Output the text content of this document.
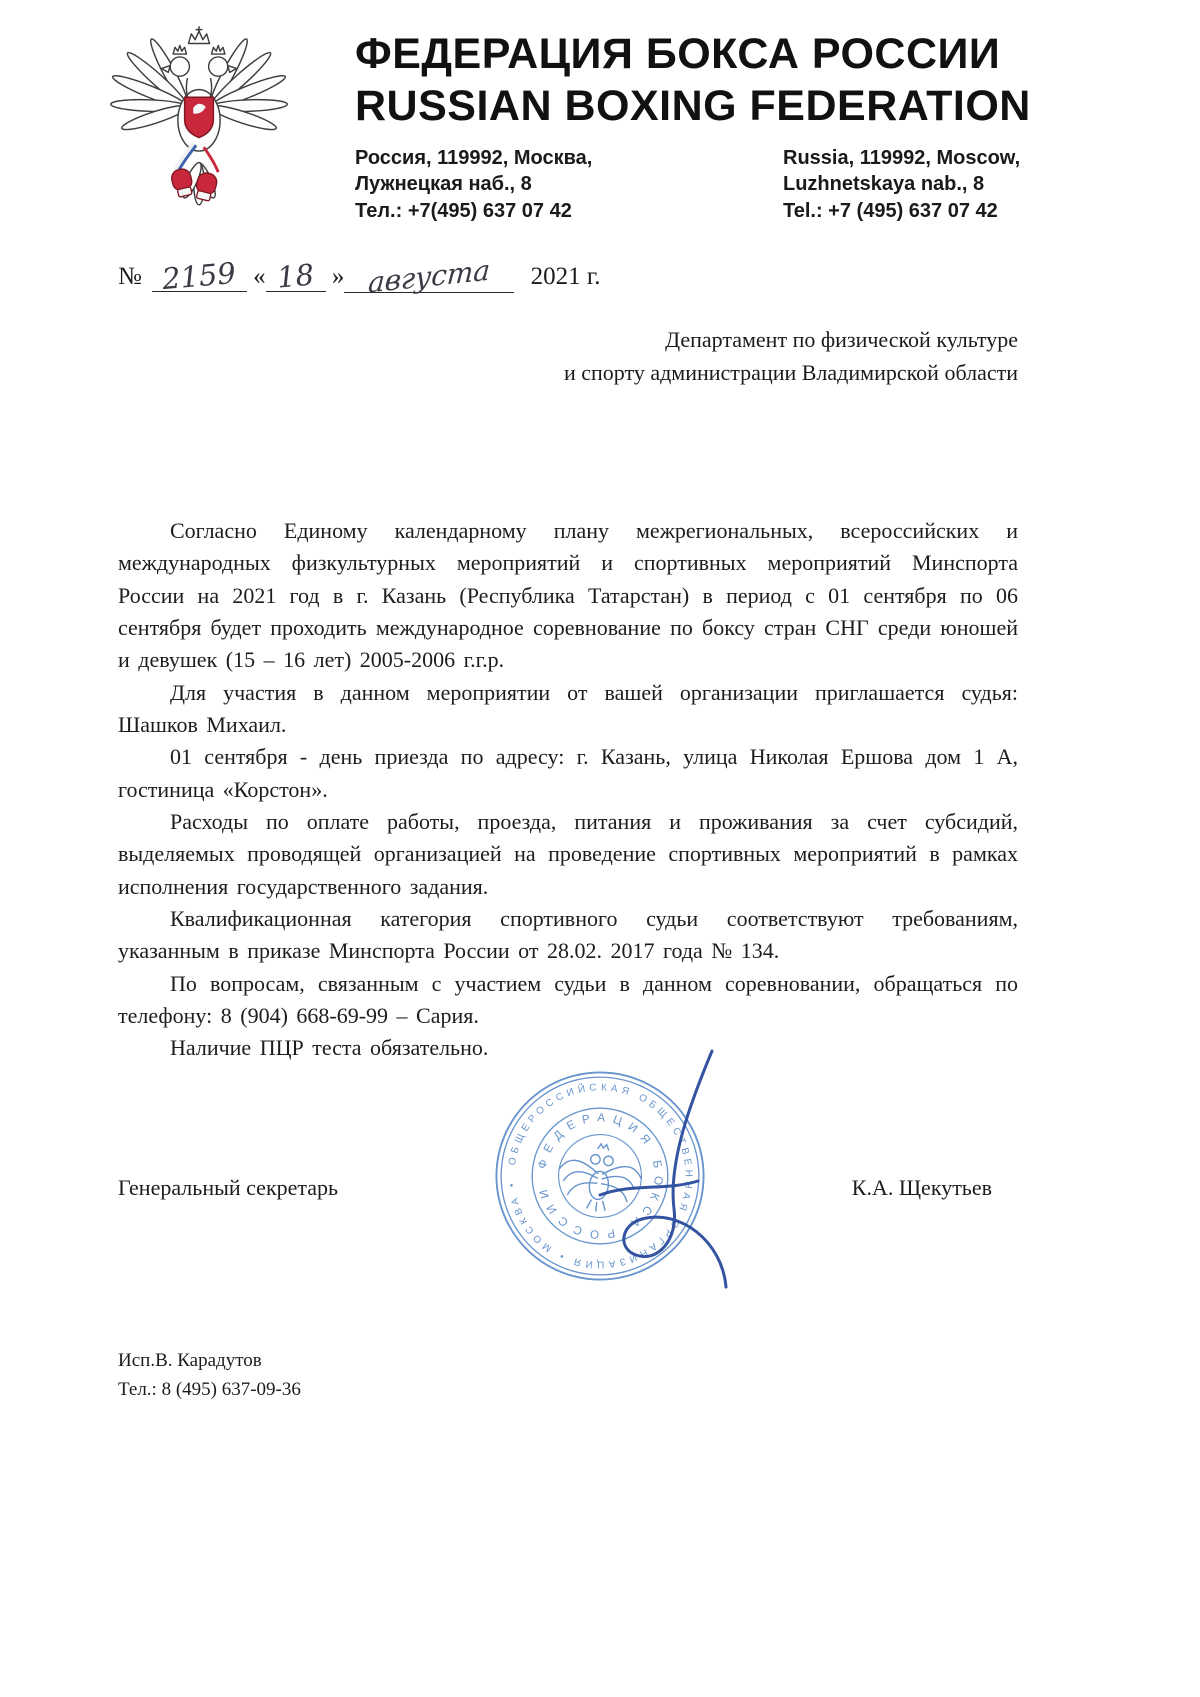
ФЕДЕРАЦИЯ БОКСА РОССИИ
RUSSIAN BOXING FEDERATION
Россия, 119992, Москва,
Лужнецкая наб., 8
Тел.: +7(495) 637 07 42
Russia, 119992, Moscow,
Luzhnetskaya nab., 8
Tel.: +7 (495) 637 07 42
№ 2159 « 18 » августа 2021 г.
Департамент по физической культуре
и спорту администрации Владимирской области

Согласно Единому календарному плану межрегиональных, всероссийских и международных физкультурных мероприятий и спортивных мероприятий Минспорта России на 2021 год в г. Казань (Республика Татарстан) в период с 01 сентября по 06 сентября будет проходить международное соревнование по боксу стран СНГ среди юношей и девушек (15 – 16 лет) 2005-2006 г.г.р.

Для участия в данном мероприятии от вашей организации приглашается судья: Шашков Михаил.

01 сентября - день приезда по адресу: г. Казань, улица Николая Ершова дом 1 А, гостиница «Корстон».

Расходы по оплате работы, проезда, питания и проживания за счет субсидий, выделяемых проводящей организацией на проведение спортивных мероприятий в рамках исполнения государственного задания.

Квалификационная категория спортивного судьи соответствуют требованиям, указанным в приказе Минспорта России от 28.02. 2017 года № 134.

По вопросам, связанным с участием судьи в данном соревновании, обращаться по телефону: 8 (904) 668-69-99 – Сария.

Наличие ПЦР теста обязательно.

Генеральный секретарь
ОБЩЕРОССИЙСКАЯ ОБЩЕСТВЕННАЯ ОРГАНИЗАЦИЯ • МОСКВА •
ФЕДЕРАЦИЯ БОКСА РОССИИ	К.А. Щекутьев
Исп.В. Карадутов
Тел.: 8 (495) 637-09-36
